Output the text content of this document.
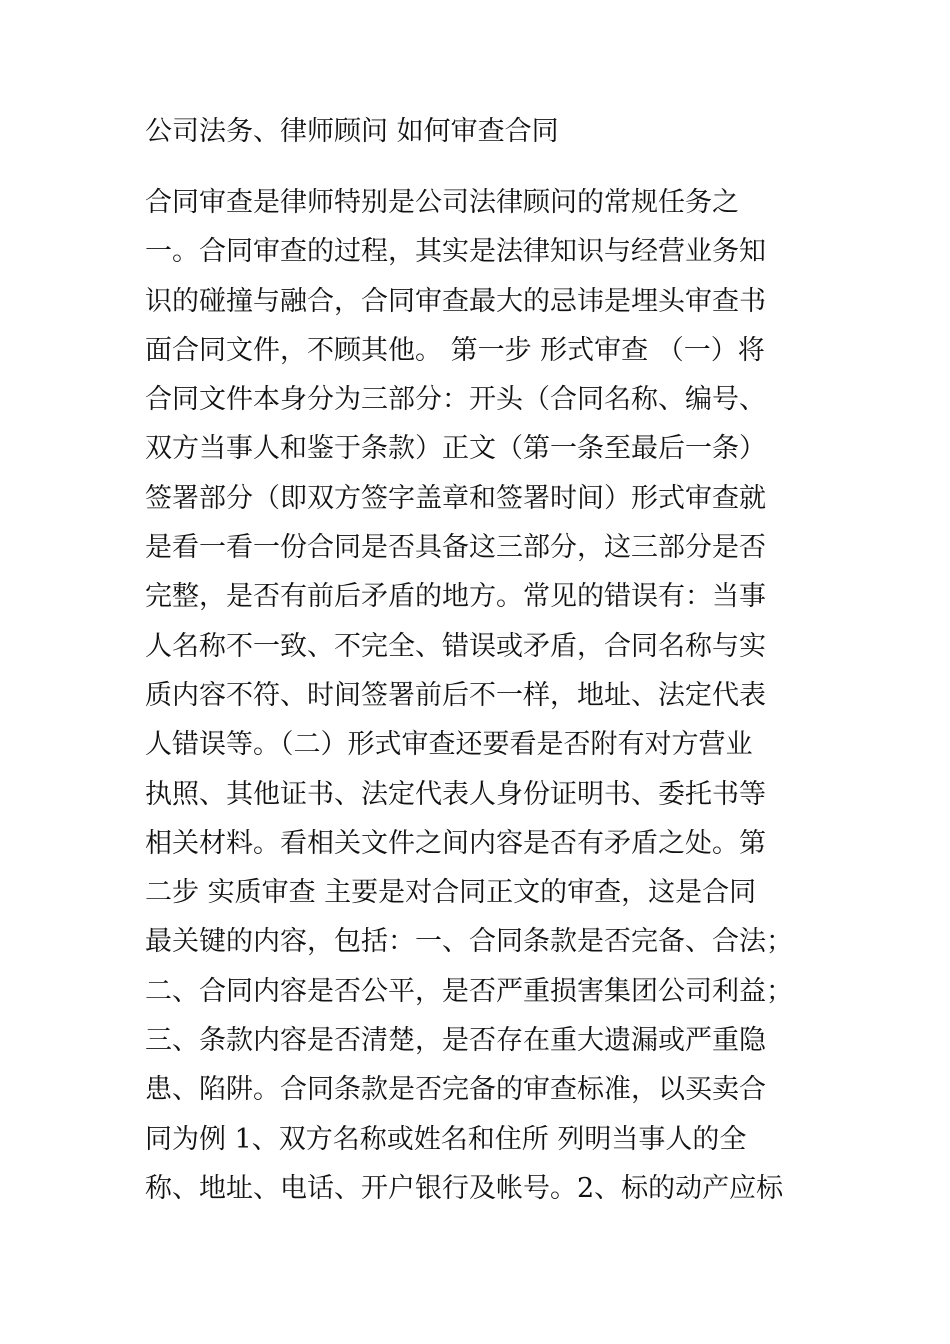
公司法务、律师顾问 如何审查合同
合同审查是律师特别是公司法律顾问的常规任务之
一。合同审查的过程，其实是法律知识与经营业务知
识的碰撞与融合，合同审查最大的忌讳是埋头审查书
面合同文件，不顾其他。 第一步 形式审查 （一）将
合同文件本身分为三部分：开头（合同名称、编号、
双方当事人和鉴于条款）正文（第一条至最后一条）
签署部分（即双方签字盖章和签署时间）形式审查就
是看一看一份合同是否具备这三部分，这三部分是否
完整，是否有前后矛盾的地方。常见的错误有：当事
人名称不一致、不完全、错误或矛盾，合同名称与实
质内容不符、时间签署前后不一样，地址、法定代表
人错误等。（二）形式审查还要看是否附有对方营业
执照、其他证书、法定代表人身份证明书、委托书等
相关材料。看相关文件之间内容是否有矛盾之处。第
二步 实质审查 主要是对合同正文的审查，这是合同
最关键的内容，包括：一、合同条款是否完备、合法；
二、合同内容是否公平，是否严重损害集团公司利益；
三、条款内容是否清楚，是否存在重大遗漏或严重隐
患、陷阱。合同条款是否完备的审查标准，以买卖合
同为例 1、双方名称或姓名和住所 列明当事人的全
称、地址、电话、开户银行及帐号。2、标的动产应标
